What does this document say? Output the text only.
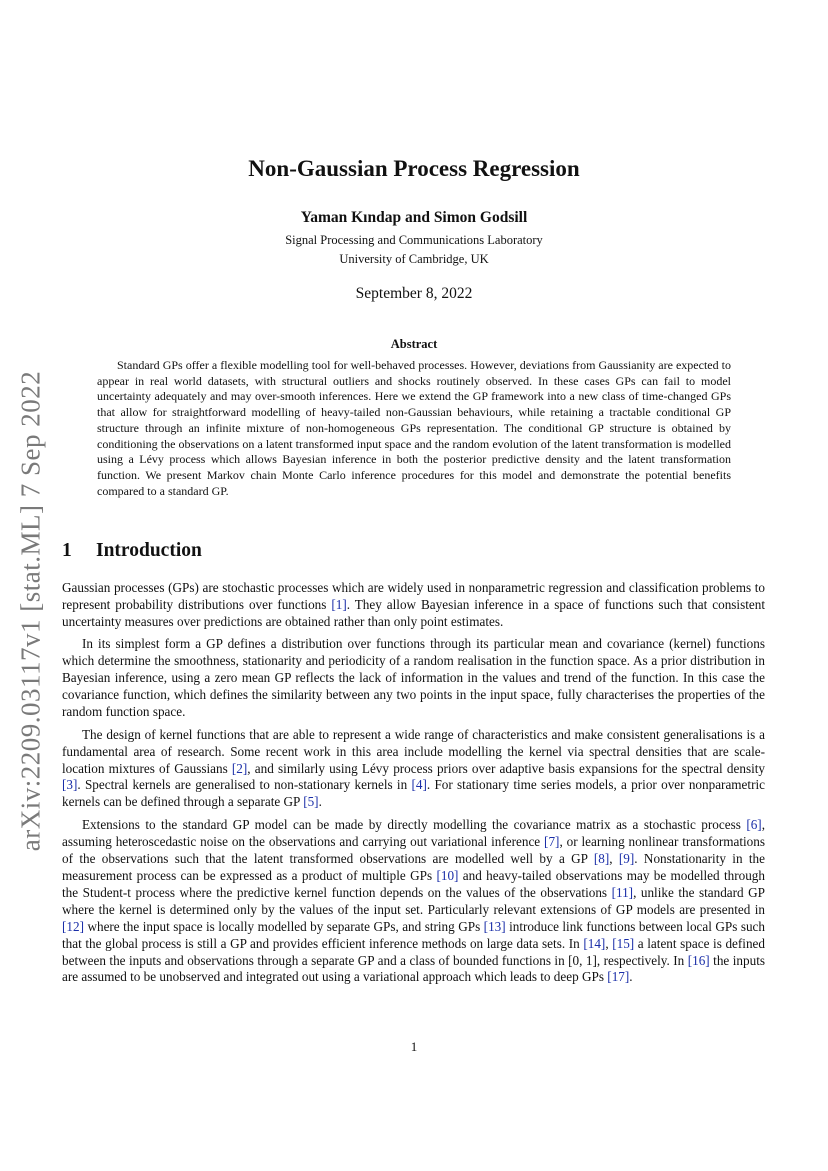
arXiv:2209.03117v1 [stat.ML] 7 Sep 2022
Non-Gaussian Process Regression
Yaman Kındap and Simon Godsill
Signal Processing and Communications Laboratory
University of Cambridge, UK
September 8, 2022
Abstract

Standard GPs offer a flexible modelling tool for well-behaved processes. However, deviations from Gaussianity are expected to appear in real world datasets, with structural outliers and shocks routinely observed. In these cases GPs can fail to model uncertainty adequately and may over-smooth inferences. Here we extend the GP framework into a new class of time-changed GPs that allow for straightforward modelling of heavy-tailed non-Gaussian behaviours, while retaining a tractable conditional GP structure through an infinite mixture of non-homogeneous GPs representation. The conditional GP structure is obtained by conditioning the observations on a latent transformed input space and the random evolution of the latent transformation is modelled using a Lévy process which allows Bayesian inference in both the posterior predictive density and the latent transformation function. We present Markov chain Monte Carlo inference procedures for this model and demonstrate the potential benefits compared to a standard GP.

1 Introduction

Gaussian processes (GPs) are stochastic processes which are widely used in nonparametric regression and classification problems to represent probability distributions over functions [1]. They allow Bayesian inference in a space of functions such that consistent uncertainty measures over predictions are obtained rather than only point estimates.

In its simplest form a GP defines a distribution over functions through its particular mean and covariance (kernel) functions which determine the smoothness, stationarity and periodicity of a random realisation in the function space. As a prior distribution in Bayesian inference, using a zero mean GP reflects the lack of information in the values and trend of the function. In this case the covariance function, which defines the similarity between any two points in the input space, fully characterises the properties of the random function space.

The design of kernel functions that are able to represent a wide range of characteristics and make consistent generalisations is a fundamental area of research. Some recent work in this area include modelling the kernel via spectral densities that are scale-location mixtures of Gaussians [2], and similarly using Lévy process priors over adaptive basis expansions for the spectral density [3]. Spectral kernels are generalised to non-stationary kernels in [4]. For stationary time series models, a prior over nonparametric kernels can be defined through a separate GP [5].

Extensions to the standard GP model can be made by directly modelling the covariance matrix as a stochastic process [6], assuming heteroscedastic noise on the observations and carrying out variational inference [7], or learning nonlinear transformations of the observations such that the latent transformed observations are modelled well by a GP [8], [9]. Nonstationarity in the measurement process can be expressed as a product of multiple GPs [10] and heavy-tailed observations may be modelled through the Student-t process where the predictive kernel function depends on the values of the observations [11], unlike the standard GP where the kernel is determined only by the values of the input set. Particularly relevant extensions of GP models are presented in [12] where the input space is locally modelled by separate GPs, and string GPs [13] introduce link functions between local GPs such that the global process is still a GP and provides efficient inference methods on large data sets. In [14], [15] a latent space is defined between the inputs and observations through a separate GP and a class of bounded functions in [0, 1], respectively. In [16] the inputs are assumed to be unobserved and integrated out using a variational approach which leads to deep GPs [17].

1
